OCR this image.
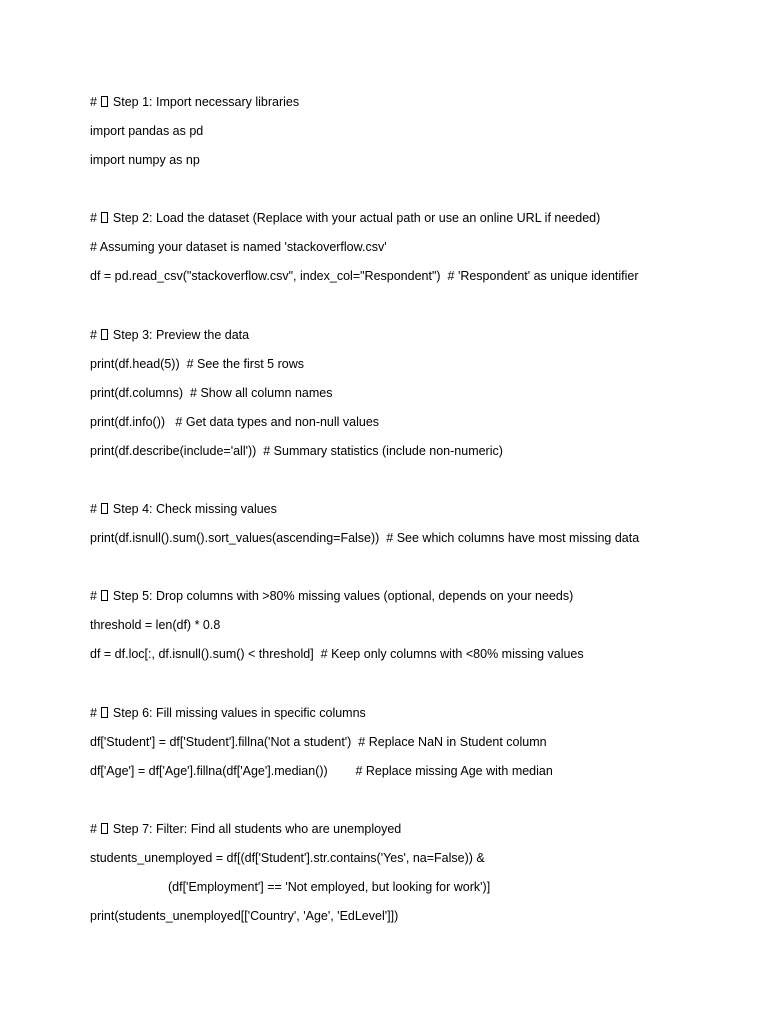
#  Step 1: Import necessary libraries
import pandas as pd
import numpy as np
#  Step 2: Load the dataset (Replace with your actual path or use an online URL if needed)
# Assuming your dataset is named 'stackoverflow.csv'
df = pd.read_csv("stackoverflow.csv", index_col="Respondent")  # 'Respondent' as unique identifier
#  Step 3: Preview the data
print(df.head(5))  # See the first 5 rows
print(df.columns)  # Show all column names
print(df.info())   # Get data types and non-null values
print(df.describe(include='all'))  # Summary statistics (include non-numeric)
#  Step 4: Check missing values
print(df.isnull().sum().sort_values(ascending=False))  # See which columns have most missing data
#  Step 5: Drop columns with >80% missing values (optional, depends on your needs)
threshold = len(df) * 0.8
df = df.loc[:, df.isnull().sum() < threshold]  # Keep only columns with <80% missing values
#  Step 6: Fill missing values in specific columns
df['Student'] = df['Student'].fillna('Not a student')  # Replace NaN in Student column
df['Age'] = df['Age'].fillna(df['Age'].median())        # Replace missing Age with median
#  Step 7: Filter: Find all students who are unemployed
students_unemployed = df[(df['Student'].str.contains('Yes', na=False)) &
(df['Employment'] == 'Not employed, but looking for work')]
print(students_unemployed[['Country', 'Age', 'EdLevel']])
